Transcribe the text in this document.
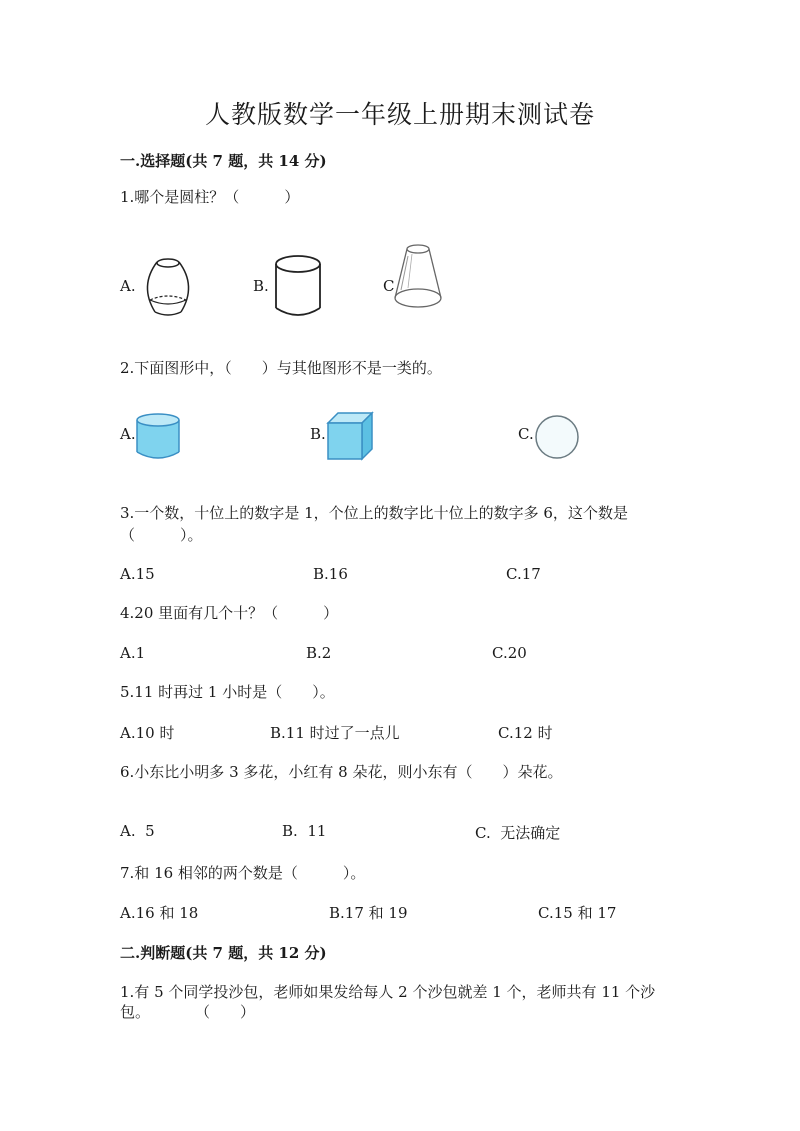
人教版数学一年级上册期末测试卷
一.选择题(共 7 题，共 14 分)
1.哪个是圆柱？（　　　）
A.	B.	C
2.下面图形中，（　　）与其他图形不是一类的。
A.	B.	C.
3.一个数，十位上的数字是 1，个位上的数字比十位上的数字多 6，这个数是
（　　　）。
A.15	B.16	C.17
4.20 里面有几个十？（　　　）
A.1	B.2	C.20
5.11 时再过 1 小时是（　　）。
A.10 时	B.11 时过了一点儿	C.12 时
6.小东比小明多 3 多花，小红有 8 朵花，则小东有（　　）朵花。
A.  5	B.  11	C.  无法确定
7.和 16 相邻的两个数是（　　　）。
A.16 和 18	B.17 和 19	C.15 和 17
二.判断题(共 7 题，共 12 分)
1.有 5 个同学投沙包，老师如果发给每人 2 个沙包就差 1 个，老师共有 11 个沙
包。　　　　（　　）
